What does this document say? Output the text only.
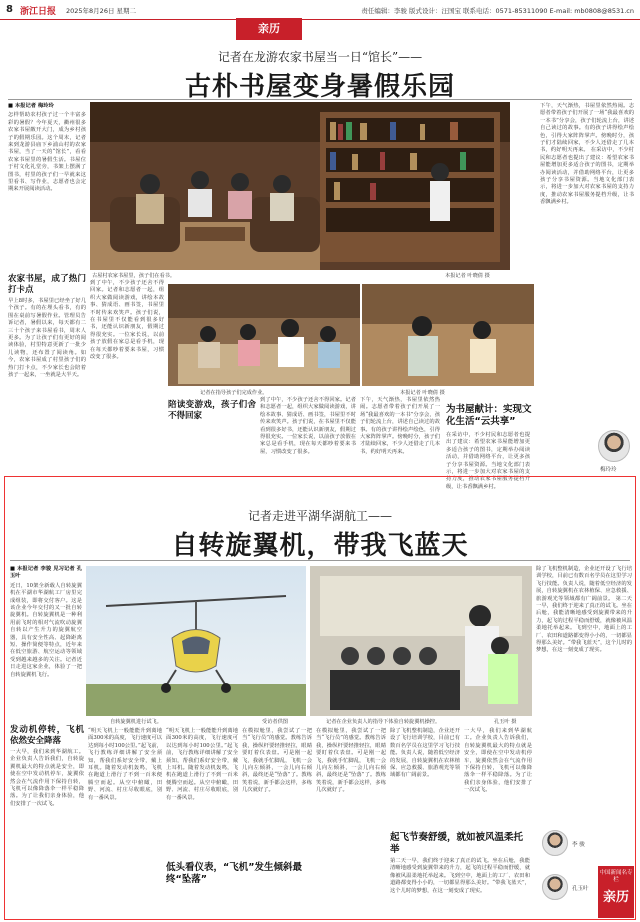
8 浙江日报 2025年8月26日 星期二	责任编辑：李骏 版式设计：汪国宝 联系电话：0571-85311090 E-mail: mb0808@8531.cn
亲历
记者在龙游农家书屋当一日“馆长”——
古朴书屋变身暑假乐园
■ 本报记者 梅玲玲
怎样帮助农村孩子过一个丰富多彩的暑假？今年夏天，衢州很多农家书屋敞开大门，成为乡村孩子的假期乐园。这个周末，记者来到龙游县庙下乡浦山村的农家书屋，当了一天的“馆长”，看看农家书屋里的暑假生活。书屋位于村文化礼堂旁，书架上摆满了图书，村里的孩子们一早就来这里看书、写作业，志愿者也会定期来开展阅读活动。
农家书屋，成了热门打卡点
早上8时多，书屋里已经坐了好几个孩子。有的在埋头看书，有的围在桌前写暑假作业。管理员告诉记者，暑假以来，每天都有二三十个孩子来书屋看书，周末人更多。为了让孩子们有更好的阅读体验，村里特意更新了一批少儿读物，还布置了阅读角。如今，农家书屋成了村里孩子们的热门打卡点，不少家长也会陪着孩子一起来，一坐就是大半天。
古屋村农家书屋里，孩子们在看书。	本报记者 叶晓倩 摄
下午，天气渐热，书屋里依然热闹。志愿者带着孩子们开展了一场“我最喜欢的一本书”分享会，孩子们轮流上台，讲述自己读过的故事。有的孩子讲得绘声绘色，引得大家阵阵掌声。傍晚时分，孩子们才陆续回家，不少人还借走了几本书，约好明天再来。 在采访中，不少村民和志愿者也提出了建议：希望农家书屋能增加更多适合孩子的图书，定期举办阅读活动，并借助网络平台，让更多孩子分享书屋资源。当地文化部门表示，将进一步加大对农家书屋的支持力度，推动农家书屋服务提档升级，让书香飘满乡村。
到了中午，不少孩子还舍不得回家。记者和志愿者一起，组织大家做阅读游戏，讲绘本故事、猜成语、画书签，书屋里不时传来欢笑声。孩子们说，在书屋里不仅能看到很多好书，还能认识新朋友，假期过得很充实。一位家长说，以前孩子放假在家总是看手机，现在每天都吵着要来书屋，习惯改变了很多。
记者在指导孩子们完成作业。	本报记者 叶晓倩 摄
陪读变游戏，孩子们舍不得回家
到了中午，不少孩子还舍不得回家。记者和志愿者一起，组织大家做阅读游戏，讲绘本故事、猜成语、画书签，书屋里不时传来欢笑声。孩子们说，在书屋里不仅能看到很多好书，还能认识新朋友，假期过得很充实。一位家长说，以前孩子放假在家总是看手机，现在每天都吵着要来书屋，习惯改变了很多。
下午，天气渐热，书屋里依然热闹。志愿者带着孩子们开展了一场“我最喜欢的一本书”分享会，孩子们轮流上台，讲述自己读过的故事。有的孩子讲得绘声绘色，引得大家阵阵掌声。傍晚时分，孩子们才陆续回家，不少人还借走了几本书，约好明天再来。
为书屋献计：实现文化生活“云共享”
在采访中，不少村民和志愿者也提出了建议：希望农家书屋能增加更多适合孩子的图书，定期举办阅读活动，并借助网络平台，让更多孩子分享书屋资源。当地文化部门表示，将进一步加大对农家书屋的支持力度，推动农家书屋服务提档升级，让书香飘满乡村。
梅玲玲
记者走进平湖华湖航工——
自转旋翼机，带我飞蓝天
■ 本报记者 李骏 见习记者 孔玉叶
近日，10架全新载人自转旋翼机在平湖市华湖航工厂房里完成组装，即将交付客户。这是该企业今年交付的又一批自转旋翼机。自转旋翼机是一种利用前飞时的相对气流吹动旋翼自转以产生升力的旋翼航空器，具有安全性高、起降距离短、操作简便等特点，近年来在低空旅游、航空运动等领域受到越来越多的关注。记者近日走进这家企业，体验了一把自转旋翼机飞行。
自转旋翼机进行试飞。	受访者供图	记者在企业负责人的指导下体验自转旋翼机操控。	孔玉叶 摄
除了飞机整机制造，企业还开设了飞行培训学校，目前已有数百名学员在这里学习飞行技能。负责人说，随着低空经济的发展，自转旋翼机在农林植保、应急救援、旅游观光等领域都有广阔前景。 第二天一早，我们终于迎来了真正的试飞。坐在后舱，我能清晰地感受到旋翼带来的升力，起飞的过程平稳而舒缓，就像被风温柔地托举起来。飞到空中，地面上的工厂、农田和道路都变得小小的，一切都显得那么美好。“带我飞蓝天”，这个儿时的梦想，在这一刻变成了现实。
发动机停转，飞机依然安全降落
一大早，我们来到华湖航工。企业负责人告诉我们，自转旋翼机最大的特点就是安全，即使在空中发动机停车，旋翼依然会在气流作用下保持自转，飞机可以像降落伞一样平稳降落。为了让我们亲身体验，他们安排了一次试飞。
“明天飞机上一般能能升到离地面300米的高度，飞行速度可以达到每小时100公里。”起飞前，飞行教练详细讲解了安全须知，帮我们系好安全带，戴上耳机。随着发动机轰鸣，飞机在跑道上滑行了不到一百米便腾空而起。从空中俯瞰，田野、河流、村庄尽收眼底，别有一番风景。
“明天飞机上一般能能升到离地面300米的高度，飞行速度可以达到每小时100公里。”起飞前，飞行教练详细讲解了安全须知，帮我们系好安全带，戴上耳机。随着发动机轰鸣，飞机在跑道上滑行了不到一百米便腾空而起。从空中俯瞰，田野、河流、村庄尽收眼底，别有一番风景。
低头看仪表，“飞机”发生倾斜最终“坠落”
在模拟舱里，我尝试了一把当“飞行员”的感觉。教练告诉我，操纵杆要轻推轻拉，眼睛要盯着仪表盘。可是刚一起飞，我就手忙脚乱，飞机一会儿向左倾斜，一会儿向右倾斜，最终还是“坠落”了。教练笑着说，新手都会这样，多练几次就好了。
在模拟舱里，我尝试了一把当“飞行员”的感觉。教练告诉我，操纵杆要轻推轻拉，眼睛要盯着仪表盘。可是刚一起飞，我就手忙脚乱，飞机一会儿向左倾斜，一会儿向右倾斜，最终还是“坠落”了。教练笑着说，新手都会这样，多练几次就好了。
除了飞机整机制造，企业还开设了飞行培训学校，目前已有数百名学员在这里学习飞行技能。负责人说，随着低空经济的发展，自转旋翼机在农林植保、应急救援、旅游观光等领域都有广阔前景。
起飞节奏舒缓，就如被风温柔托举
第二天一早，我们终于迎来了真正的试飞。坐在后舱，我能清晰地感受到旋翼带来的升力，起飞的过程平稳而舒缓，就像被风温柔地托举起来。飞到空中，地面上的工厂、农田和道路都变得小小的，一切都显得那么美好。“带我飞蓝天”，这个儿时的梦想，在这一刻变成了现实。
一大早，我们来到华湖航工。企业负责人告诉我们，自转旋翼机最大的特点就是安全，即使在空中发动机停车，旋翼依然会在气流作用下保持自转，飞机可以像降落伞一样平稳降落。为了让我们亲身体验，他们安排了一次试飞。
李 骏
孔玉叶
中国新闻名专栏
亲历
